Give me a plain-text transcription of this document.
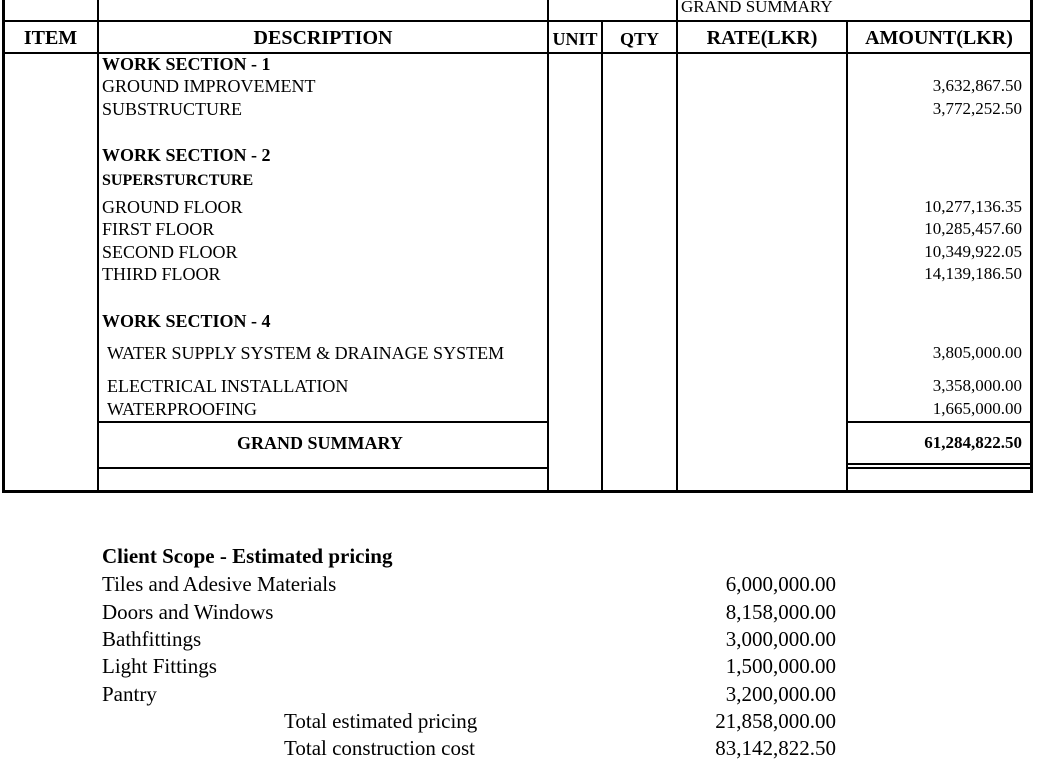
GRAND SUMMARY
ITEM	DESCRIPTION	UNIT	QTY	RATE(LKR)	AMOUNT(LKR)
WORK SECTION - 1
GROUND IMPROVEMENT	3,632,867.50
SUBSTRUCTURE	3,772,252.50
WORK SECTION - 2
SUPERSTURCTURE
GROUND FLOOR	10,277,136.35
FIRST FLOOR	10,285,457.60
SECOND FLOOR	10,349,922.05
THIRD FLOOR	14,139,186.50
WORK SECTION - 4
WATER SUPPLY SYSTEM & DRAINAGE SYSTEM	3,805,000.00
ELECTRICAL INSTALLATION	3,358,000.00
WATERPROOFING	1,665,000.00
GRAND SUMMARY	61,284,822.50
Client Scope - Estimated pricing
Tiles and Adesive Materials	6,000,000.00
Doors and Windows	8,158,000.00
Bathfittings	3,000,000.00
Light Fittings	1,500,000.00
Pantry	3,200,000.00
Total estimated pricing	21,858,000.00
Total construction cost	83,142,822.50
